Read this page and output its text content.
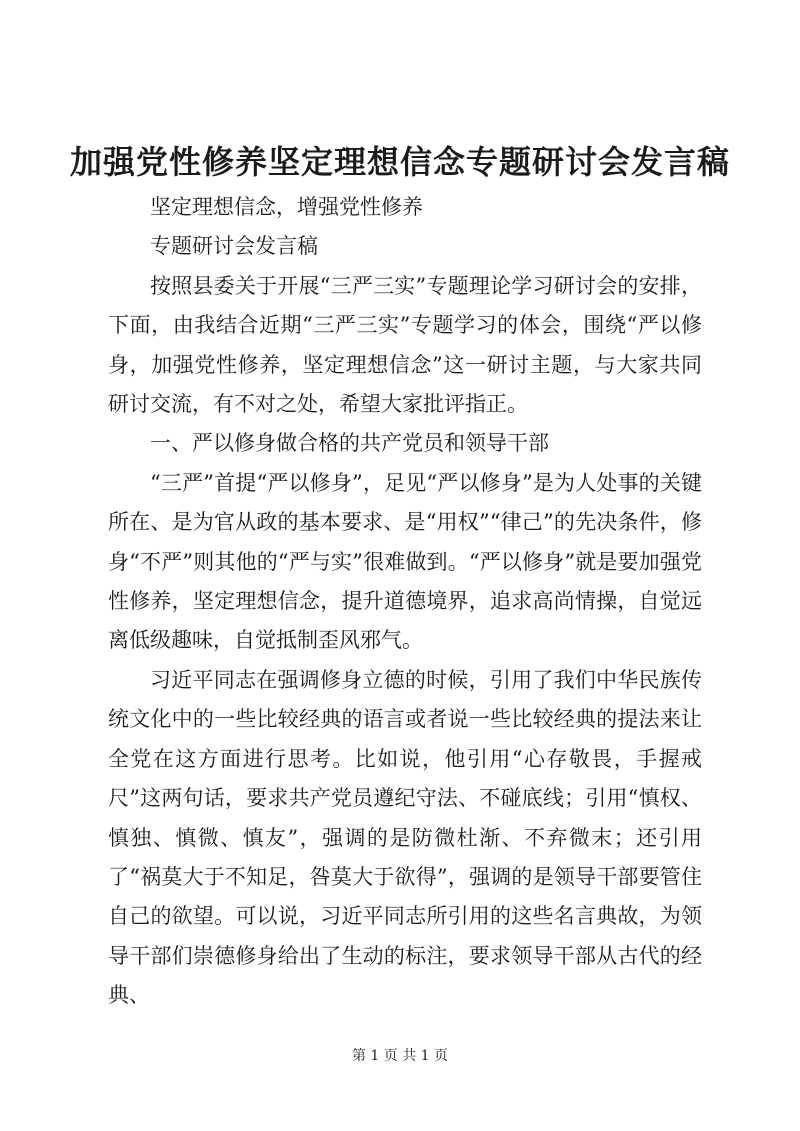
加强党性修养坚定理想信念专题研讨会发言稿

坚定理想信念，增强党性修养

专题研讨会发言稿

按照县委关于开展“三严三实”专题理论学习研讨会的安排，下面，由我结合近期“三严三实”专题学习的体会，围绕“严以修身，加强党性修养，坚定理想信念”这一研讨主题，与大家共同研讨交流，有不对之处，希望大家批评指正。

一、严以修身做合格的共产党员和领导干部

“三严”首提“严以修身”，足见“严以修身”是为人处事的关键所在、是为官从政的基本要求、是“用权”“律己”的先决条件，修身“不严”则其他的“严与实”很难做到。“严以修身”就是要加强党性修养，坚定理想信念，提升道德境界，追求高尚情操，自觉远离低级趣味，自觉抵制歪风邪气。

习近平同志在强调修身立德的时候，引用了我们中华民族传统文化中的一些比较经典的语言或者说一些比较经典的提法来让全党在这方面进行思考。比如说，他引用“心存敬畏，手握戒尺”这两句话，要求共产党员遵纪守法、不碰底线；引用“慎权、慎独、慎微、慎友”，强调的是防微杜渐、不弃微末；还引用了“祸莫大于不知足，咎莫大于欲得”，强调的是领导干部要管住自己的欲望。可以说，习近平同志所引用的这些名言典故，为领导干部们崇德修身给出了生动的标注，要求领导干部从古代的经典、

第 1 页 共 1 页
